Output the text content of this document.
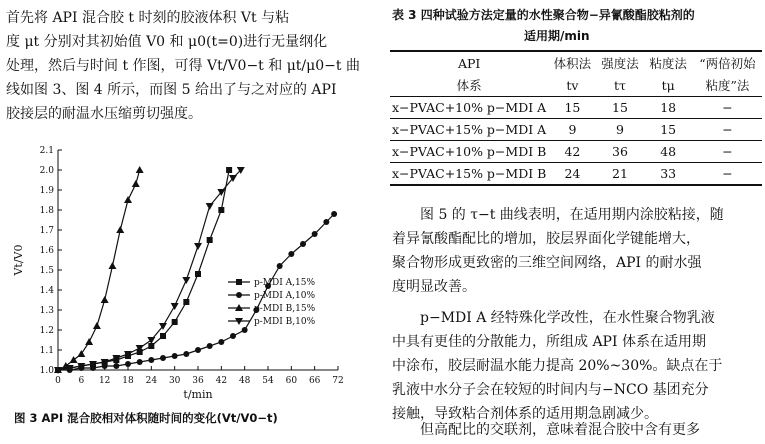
首先将 API 混合胶 t 时刻的胶液体积 Vt 与粘
度 μt 分别对其初始值 V0 和 μ0(t=0)进行无量纲化
处理，然后与时间 t 作图，可得 Vt/V0−t 和 μt/μ0−t 曲
线如图 3、图 4 所示，而图 5 给出了与之对应的 API
胶接层的耐温水压缩剪切强度。
0 6 12 18 24 30 36 42 48 54 60 66 72
1.0
1.1
1.2
1.3
1.4
1.5
1.6
1.7
1.8
1.9
2.0
2.1
t/min
Vt/V0
p-MDI A,15%
p-MDI A,10%
p-MDI B,15%
p-MDI B,10%
图 3 API 混合胶相对体积随时间的变化(Vt/V0−t)
表 3 四种试验方法定量的水性聚合物−异氰酸酯胶粘剂的
适用期/min
API	体积法	强度法	粘度法	“两倍初始
体系	tv	tτ	tμ	粘度”法
x−PVAC+10% p−MDI A	15	15	18	−
x−PVAC+15% p−MDI A	9	9	15	−
x−PVAC+10% p−MDI B	42	36	48	−
x−PVAC+15% p−MDI B	24	21	33	−
图 5 的 τ−t 曲线表明，在适用期内涂胶粘接，随
着异氰酸酯配比的增加，胶层界面化学键能增大，
聚合物形成更致密的三维空间网络，API 的耐水强
度明显改善。
p−MDI A 经特殊化学改性，在水性聚合物乳液
中具有更佳的分散能力，所组成 API 体系在适用期
中涂布，胶层耐温水能力提高 20%~30%。缺点在于
乳液中水分子会在较短的时间内与−NCO 基团充分
接触，导致粘合剂体系的适用期急剧减少。
但高配比的交联剂，意味着混合胶中含有更多
